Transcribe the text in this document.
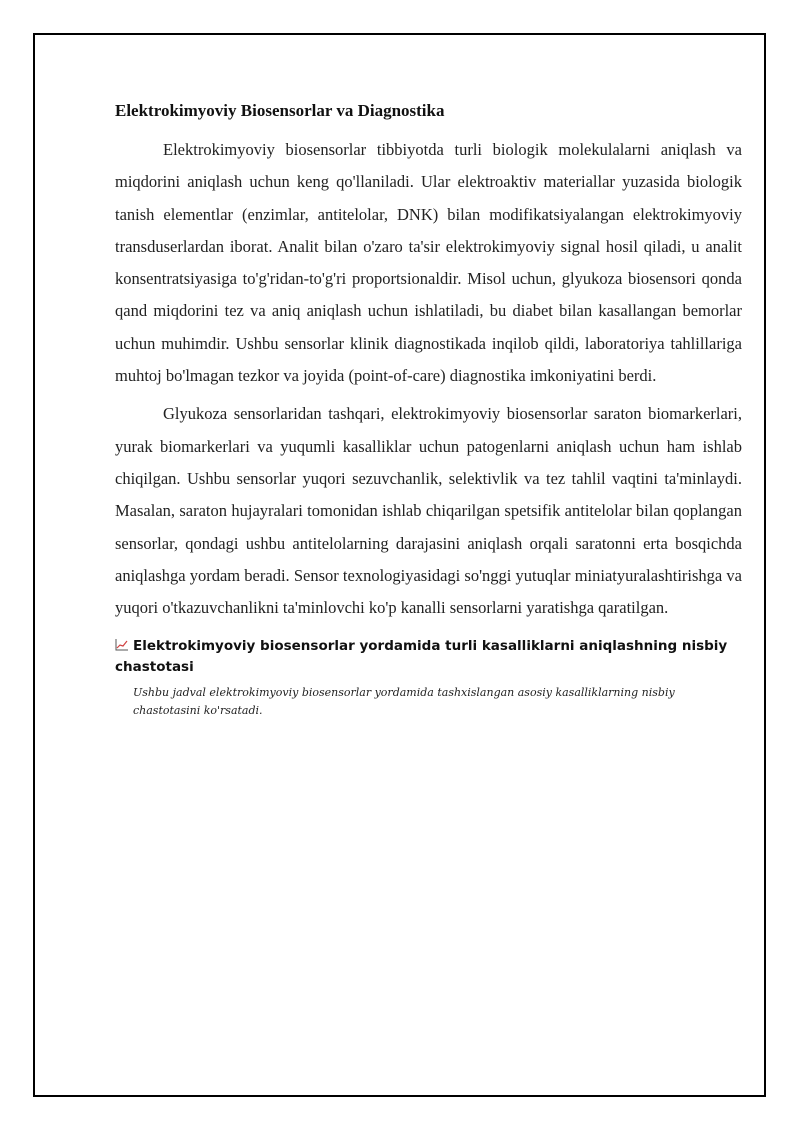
Elektrokimyoviy Biosensorlar va Diagnostika

Elektrokimyoviy biosensorlar tibbiyotda turli biologik molekulalarni aniqlash va miqdorini aniqlash uchun keng qo'llaniladi. Ular elektroaktiv materiallar yuzasida biologik tanish elementlar (enzimlar, antitelolar, DNK) bilan modifikatsiyalangan elektrokimyoviy transduserlardan iborat. Analit bilan o'zaro ta'sir elektrokimyoviy signal hosil qiladi, u analit konsentratsiyasiga to'g'ridan-to'g'ri proportsionaldir. Misol uchun, glyukoza biosensori qonda qand miqdorini tez va aniq aniqlash uchun ishlatiladi, bu diabet bilan kasallangan bemorlar uchun muhimdir. Ushbu sensorlar klinik diagnostikada inqilob qildi, laboratoriya tahlillariga muhtoj bo'lmagan tezkor va joyida (point-of-care) diagnostika imkoniyatini berdi.

Glyukoza sensorlaridan tashqari, elektrokimyoviy biosensorlar saraton biomarkerlari, yurak biomarkerlari va yuqumli kasalliklar uchun patogenlarni aniqlash uchun ham ishlab chiqilgan. Ushbu sensorlar yuqori sezuvchanlik, selektivlik va tez tahlil vaqtini ta'minlaydi. Masalan, saraton hujayralari tomonidan ishlab chiqarilgan spetsifik antitelolar bilan qoplangan sensorlar, qondagi ushbu antitelolarning darajasini aniqlash orqali saratonni erta bosqichda aniqlashga yordam beradi. Sensor texnologiyasidagi so'nggi yutuqlar miniatyuralashtirishga va yuqori o'tkazuvchanlikni ta'minlovchi ko'p kanalli sensorlarni yaratishga qaratilgan.

Elektrokimyoviy biosensorlar yordamida turli kasalliklarni aniqlashning nisbiy chastotasi

Ushbu jadval elektrokimyoviy biosensorlar yordamida tashxislangan asosiy kasalliklarning nisbiy chastotasini ko'rsatadi.
